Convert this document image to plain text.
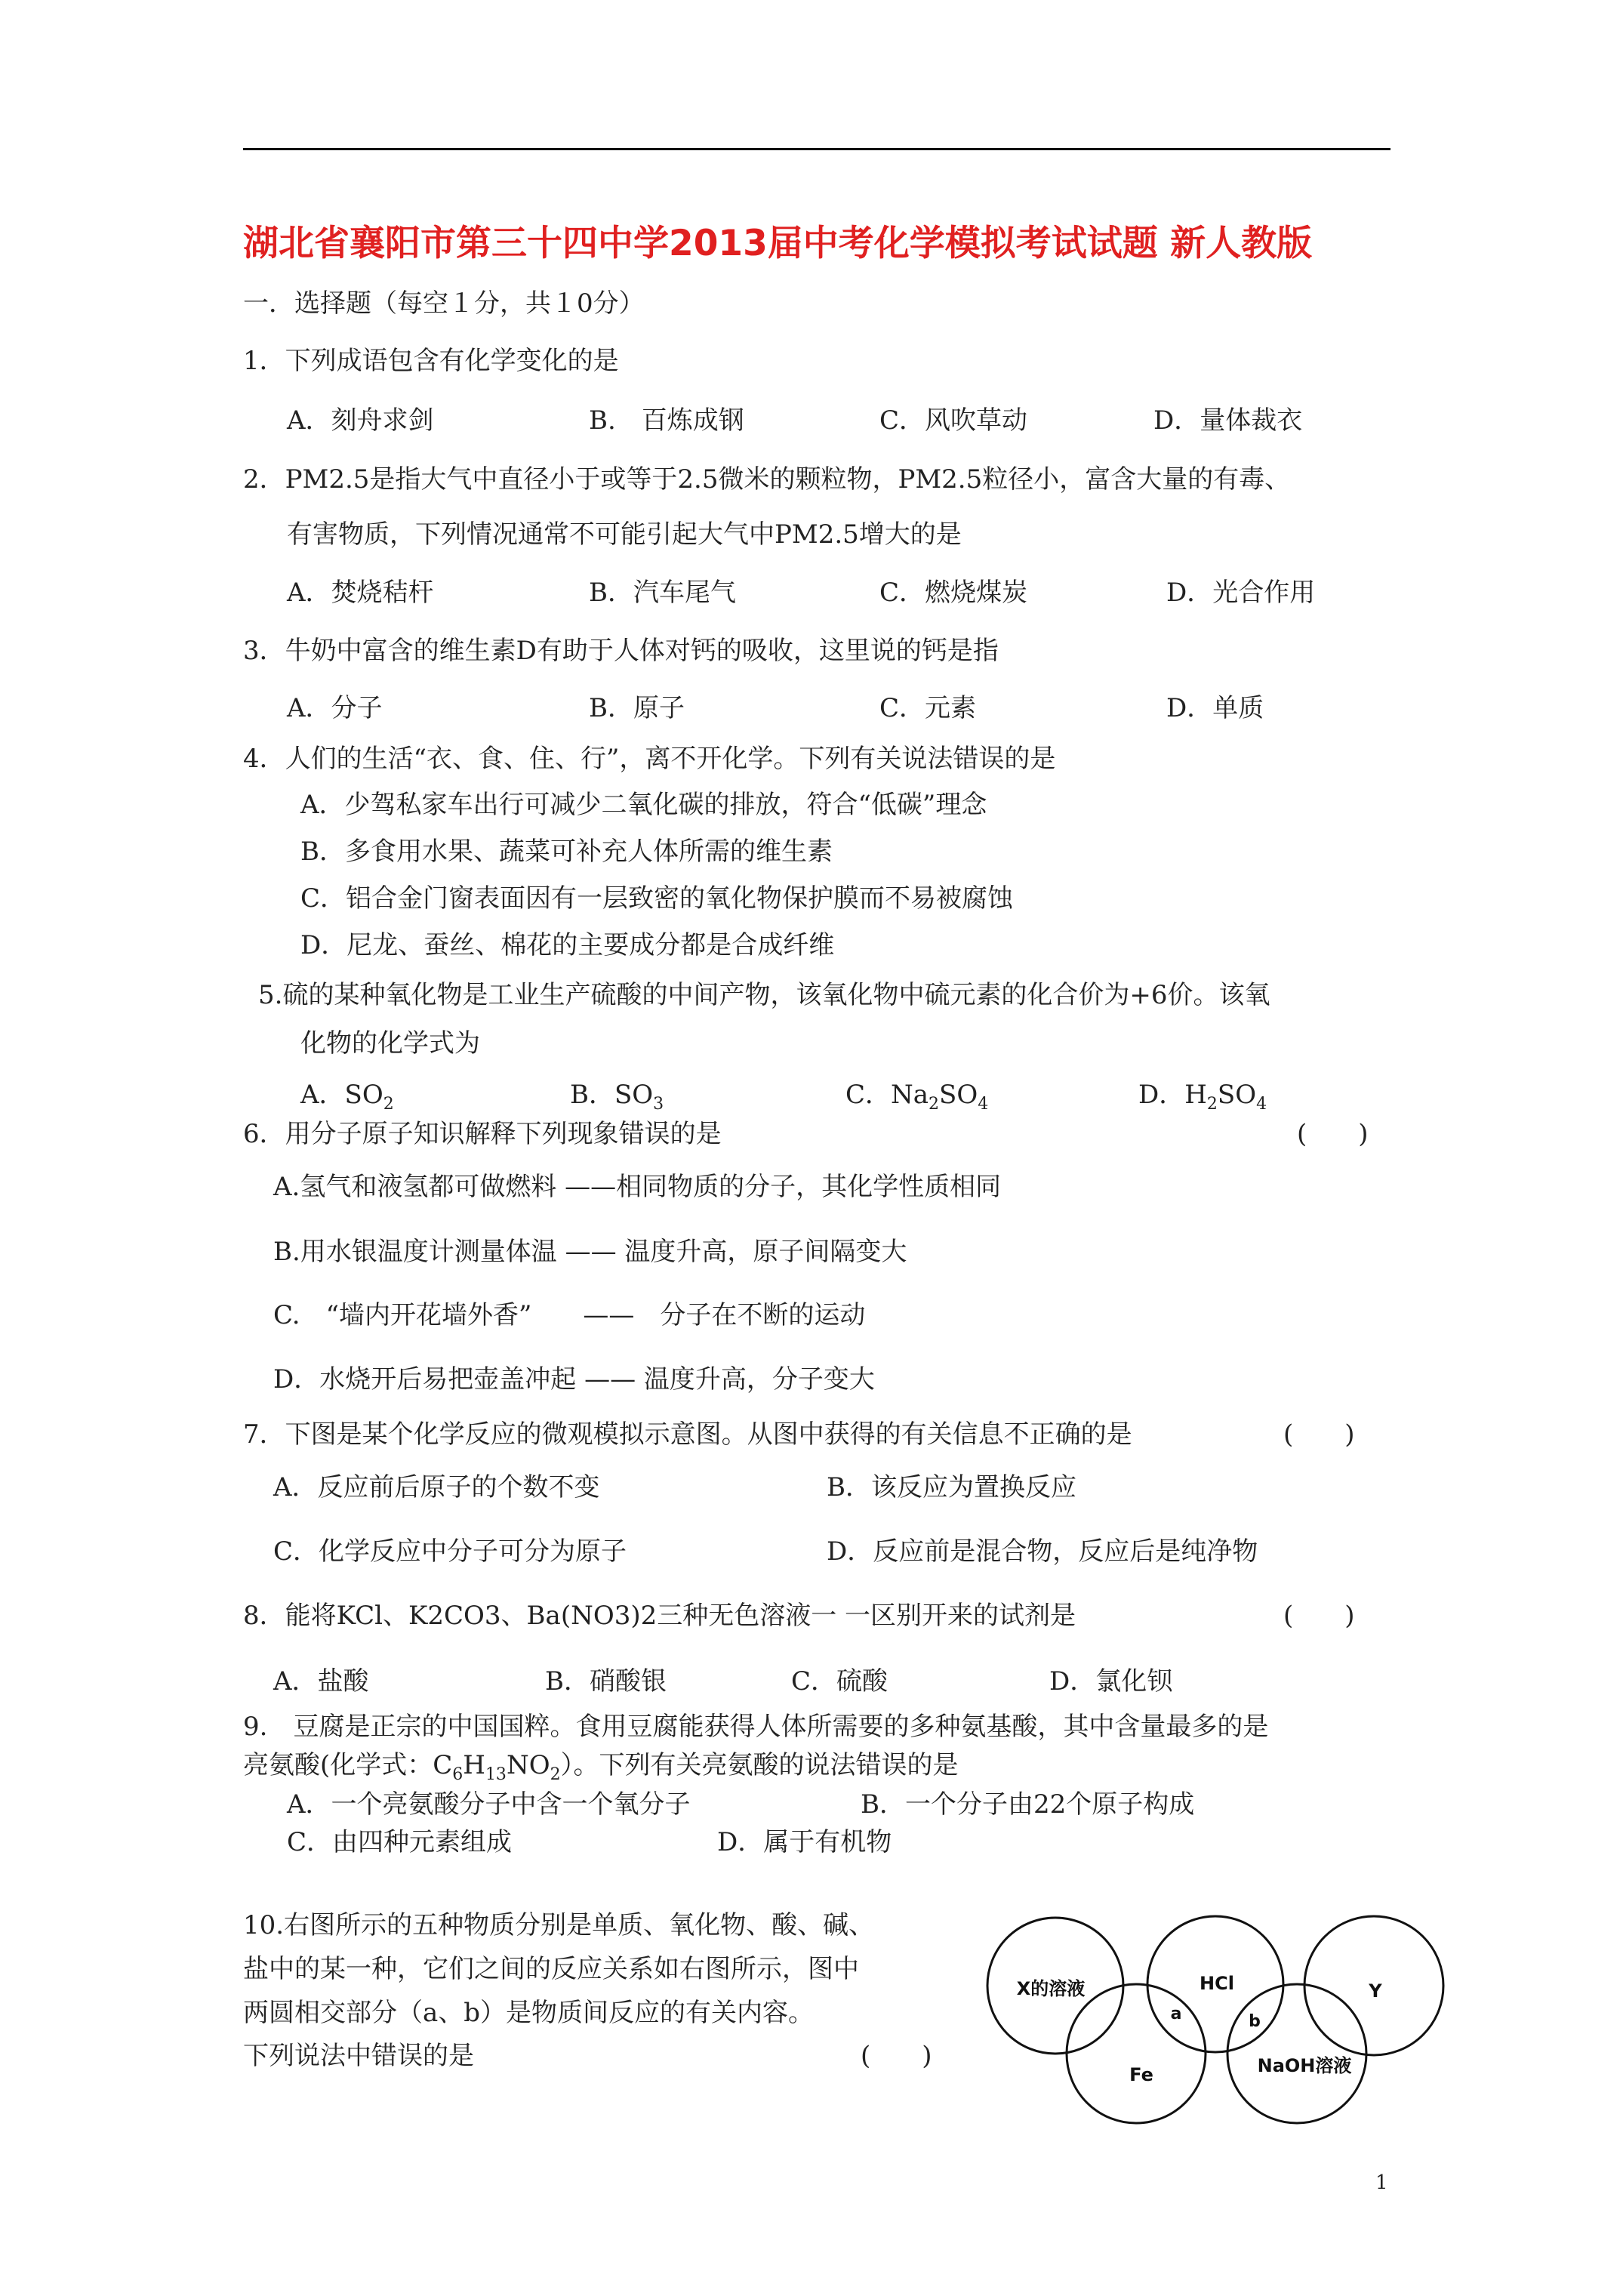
湖北省襄阳市第三十四中学2013届中考化学模拟考试试题 新人教版
一．选择题（每空１分，共１0分）
1．下列成语包含有化学变化的是
A．刻舟求剑	B.　百炼成钢	C．风吹草动	D．量体裁衣
2．PM2.5是指大气中直径小于或等于2.5微米的颗粒物，PM2.5粒径小，富含大量的有毒、
有害物质，下列情况通常不可能引起大气中PM2.5增大的是
A．焚烧秸杆	B．汽车尾气	C．燃烧煤炭	D．光合作用
3．牛奶中富含的维生素D有助于人体对钙的吸收，这里说的钙是指
A．分子	B．原子	C．元素	D．单质
4．人们的生活“衣、食、住、行”，离不开化学。下列有关说法错误的是
A．少驾私家车出行可减少二氧化碳的排放，符合“低碳”理念
B．多食用水果、蔬菜可补充人体所需的维生素
C．铝合金门窗表面因有一层致密的氧化物保护膜而不易被腐蚀
D．尼龙、蚕丝、棉花的主要成分都是合成纤维
5.硫的某种氧化物是工业生产硫酸的中间产物，该氧化物中硫元素的化合价为+6价。该氧
化物的化学式为
A．$SO_2$	B．$SO_3$	C．$Na_2SO_4$	D．$H_2SO_4$
6．用分子原子知识解释下列现象错误的是	(　　)
A.氢气和液氢都可做燃料 ——相同物质的分子，其化学性质相同
B.用水银温度计测量体温 —— 温度升高，原子间隔变大
C.　“墙内开花墙外香”　　——　分子在不断的运动
D．水烧开后易把壶盖冲起 —— 温度升高，分子变大
7．下图是某个化学反应的微观模拟示意图。从图中获得的有关信息不正确的是	(　　)
A．反应前后原子的个数不变	B．该反应为置换反应
C．化学反应中分子可分为原子	D．反应前是混合物，反应后是纯净物
8．能将KCl、K2CO3、Ba(NO3)2三种无色溶液一 一区别开来的试剂是	(　　)
A．盐酸	B．硝酸银	C．硫酸	D．氯化钡
9.　豆腐是正宗的中国国粹。食用豆腐能获得人体所需要的多种氨基酸，其中含量最多的是
亮氨酸(化学式：$C_6H_{13}NO_2$）。下列有关亮氨酸的说法错误的是
A．一个亮氨酸分子中含一个氧分子	B．一个分子由22个原子构成
C．由四种元素组成	D．属于有机物
10.右图所示的五种物质分别是单质、氧化物、酸、碱、
盐中的某一种，它们之间的反应关系如右图所示，图中
两圆相交部分（a、b）是物质间反应的有关内容。
下列说法中错误的是	(　　)
X的溶液	HCl	Y
Fe	NaOH溶液
a	b
1
